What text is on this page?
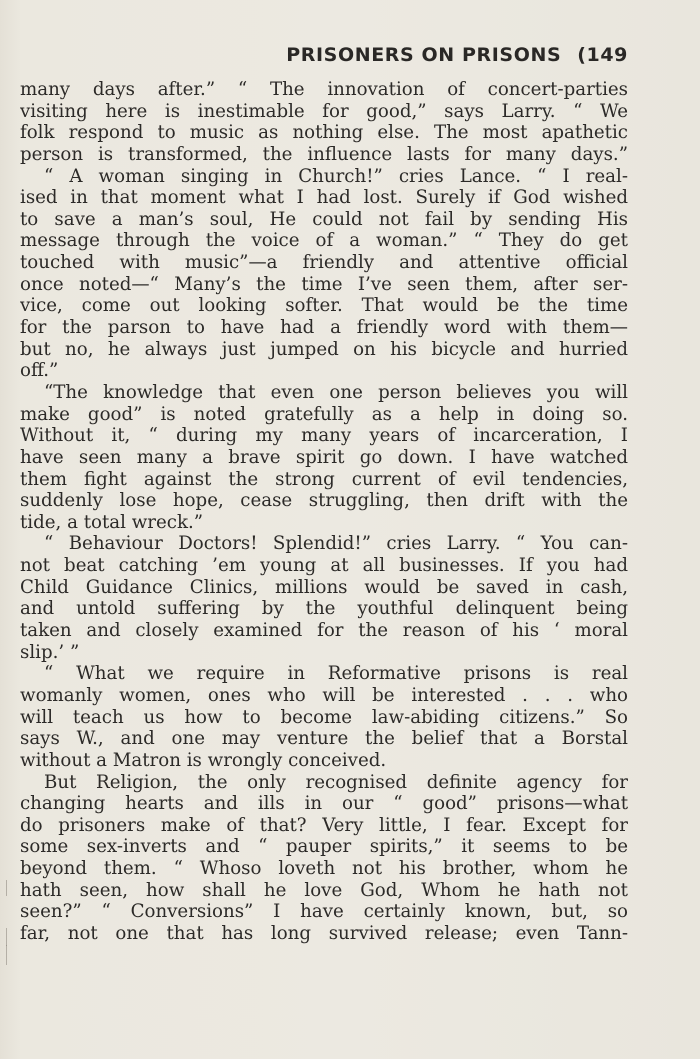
PRISONERS ON PRISONS (149
many days after.” “ The innovation of concert-parties
visiting here is inestimable for good,” says Larry. “ We
folk respond to music as nothing else. The most apathetic
person is transformed, the influence lasts for many days.”
“ A woman singing in Church!” cries Lance. “ I real-
ised in that moment what I had lost. Surely if God wished
to save a man’s soul, He could not fail by sending His
message through the voice of a woman.” “ They do get
touched with music”—a friendly and attentive official
once noted—“ Many’s the time I’ve seen them, after ser-
vice, come out looking softer. That would be the time
for the parson to have had a friendly word with them—
but no, he always just jumped on his bicycle and hurried
off.”
“The knowledge that even one person believes you will
make good” is noted gratefully as a help in doing so.
Without it, “ during my many years of incarceration, I
have seen many a brave spirit go down. I have watched
them fight against the strong current of evil tendencies,
suddenly lose hope, cease struggling, then drift with the
tide, a total wreck.”
“ Behaviour Doctors! Splendid!” cries Larry. “ You can-
not beat catching ’em young at all businesses. If you had
Child Guidance Clinics, millions would be saved in cash,
and untold suffering by the youthful delinquent being
taken and closely examined for the reason of his ‘ moral
slip.’ ”
“ What we require in Reformative prisons is real
womanly women, ones who will be interested . . . who
will teach us how to become law-abiding citizens.” So
says W., and one may venture the belief that a Borstal
without a Matron is wrongly conceived.
But Religion, the only recognised definite agency for
changing hearts and ills in our “ good” prisons—what
do prisoners make of that? Very little, I fear. Except for
some sex-inverts and “ pauper spirits,” it seems to be
beyond them. “ Whoso loveth not his brother, whom he
hath seen, how shall he love God, Whom he hath not
seen?” “ Conversions” I have certainly known, but, so
far, not one that has long survived release; even Tann-
